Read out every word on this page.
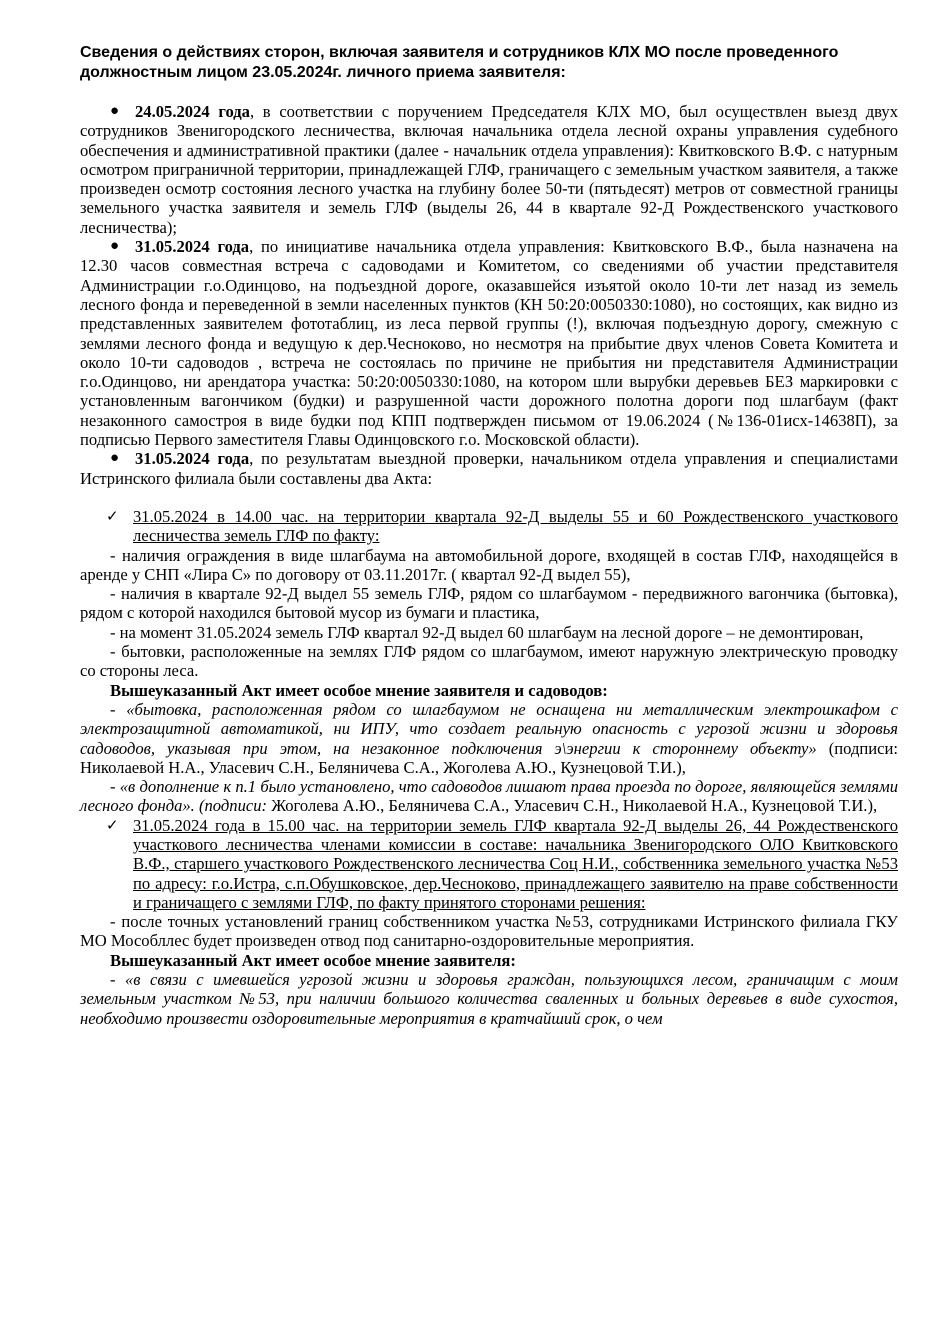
Сведения о действиях сторон, включая заявителя и сотрудников КЛХ МО после проведенного должностным лицом 23.05.2024г. личного приема заявителя:

● 24.05.2024 года, в соответствии с поручением Председателя КЛХ МО, был осуществлен выезд двух сотрудников Звенигородского лесничества, включая начальника отдела лесной охраны управления судебного обеспечения и административной практики (далее - начальник отдела управления): Квитковского В.Ф. с натурным осмотром приграничной территории, принадлежащей ГЛФ, граничащего с земельным участком заявителя, а также произведен осмотр состояния лесного участка на глубину более 50-ти (пятьдесят) метров от совместной границы земельного участка заявителя и земель ГЛФ (выделы 26, 44 в квартале 92-Д Рождественского участкового лесничества);

● 31.05.2024 года, по инициативе начальника отдела управления: Квитковского В.Ф., была назначена на 12.30 часов совместная встреча с садоводами и Комитетом, со сведениями об участии представителя Администрации г.о.Одинцово, на подъездной дороге, оказавшейся изъятой около 10-ти лет назад из земель лесного фонда и переведенной в земли населенных пунктов (КН 50:20:0050330:1080), но состоящих, как видно из представленных заявителем фототаблиц, из леса первой группы (!), включая подъездную дорогу, смежную с землями лесного фонда и ведущую к дер.Чесноково, но несмотря на прибытие двух членов Совета Комитета и около 10-ти садоводов , встреча не состоялась по причине не прибытия ни представителя Администрации г.о.Одинцово, ни арендатора участка: 50:20:0050330:1080, на котором шли вырубки деревьев БЕЗ маркировки с установленным вагончиком (будки) и разрушенной части дорожного полотна дороги под шлагбаум (факт незаконного самостроя в виде будки под КПП подтвержден письмом от 19.06.2024 (№136-01исх-14638П), за подписью Первого заместителя Главы Одинцовского г.о. Московской области).

● 31.05.2024 года, по результатам выездной проверки, начальником отдела управления и специалистами Истринского филиала были составлены два Акта:

✓ 31.05.2024 в 14.00 час. на территории квартала 92-Д выделы 55 и 60 Рождественского участкового лесничества земель ГЛФ по факту:

- наличия ограждения в виде шлагбаума на автомобильной дороге, входящей в состав ГЛФ, находящейся в аренде у СНП «Лира С» по договору от 03.11.2017г. ( квартал 92-Д выдел 55),

- наличия в квартале 92-Д выдел 55 земель ГЛФ, рядом со шлагбаумом - передвижного вагончика (бытовка), рядом с которой находился бытовой мусор из бумаги и пластика,

- на момент 31.05.2024 земель ГЛФ квартал 92-Д выдел 60 шлагбаум на лесной дороге – не демонтирован,

- бытовки, расположенные на землях ГЛФ рядом со шлагбаумом, имеют наружную электрическую проводку со стороны леса.

Вышеуказанный Акт имеет особое мнение заявителя и садоводов:

- «бытовка, расположенная рядом со шлагбаумом не оснащена ни металлическим электрошкафом с электрозащитной автоматикой, ни ИПУ, что создает реальную опасность с угрозой жизни и здоровья садоводов, указывая при этом, на незаконное подключения э\энергии к стороннему объекту» (подписи: Николаевой Н.А., Уласевич С.Н., Беляничева С.А., Жоголева А.Ю., Кузнецовой Т.И.),

- «в дополнение к п.1 было установлено, что садоводов лишают права проезда по дороге, являющейся землями лесного фонда». (подписи: Жоголева А.Ю., Беляничева С.А., Уласевич С.Н., Николаевой Н.А., Кузнецовой Т.И.),

✓ 31.05.2024 года в 15.00 час. на территории земель ГЛФ квартала 92-Д выделы 26, 44 Рождественского участкового лесничества членами комиссии в составе: начальника Звенигородского ОЛО Квитковского В.Ф., старшего участкового Рождественского лесничества Соц Н.И., собственника земельного участка №53 по адресу: г.о.Истра, с.п.Обушковское, дер.Чесноково, принадлежащего заявителю на праве собственности и граничащего с землями ГЛФ, по факту принятого сторонами решения:

- после точных установлений границ собственником участка №53, сотрудниками Истринского филиала ГКУ МО Мособллес будет произведен отвод под санитарно-оздоровительные мероприятия.

Вышеуказанный Акт имеет особое мнение заявителя:

- «в связи с имевшейся угрозой жизни и здоровья граждан, пользующихся лесом, граничащим с моим земельным участком №53, при наличии большого количества сваленных и больных деревьев в виде сухостоя, необходимо произвести оздоровительные мероприятия в кратчайший срок, о чем
